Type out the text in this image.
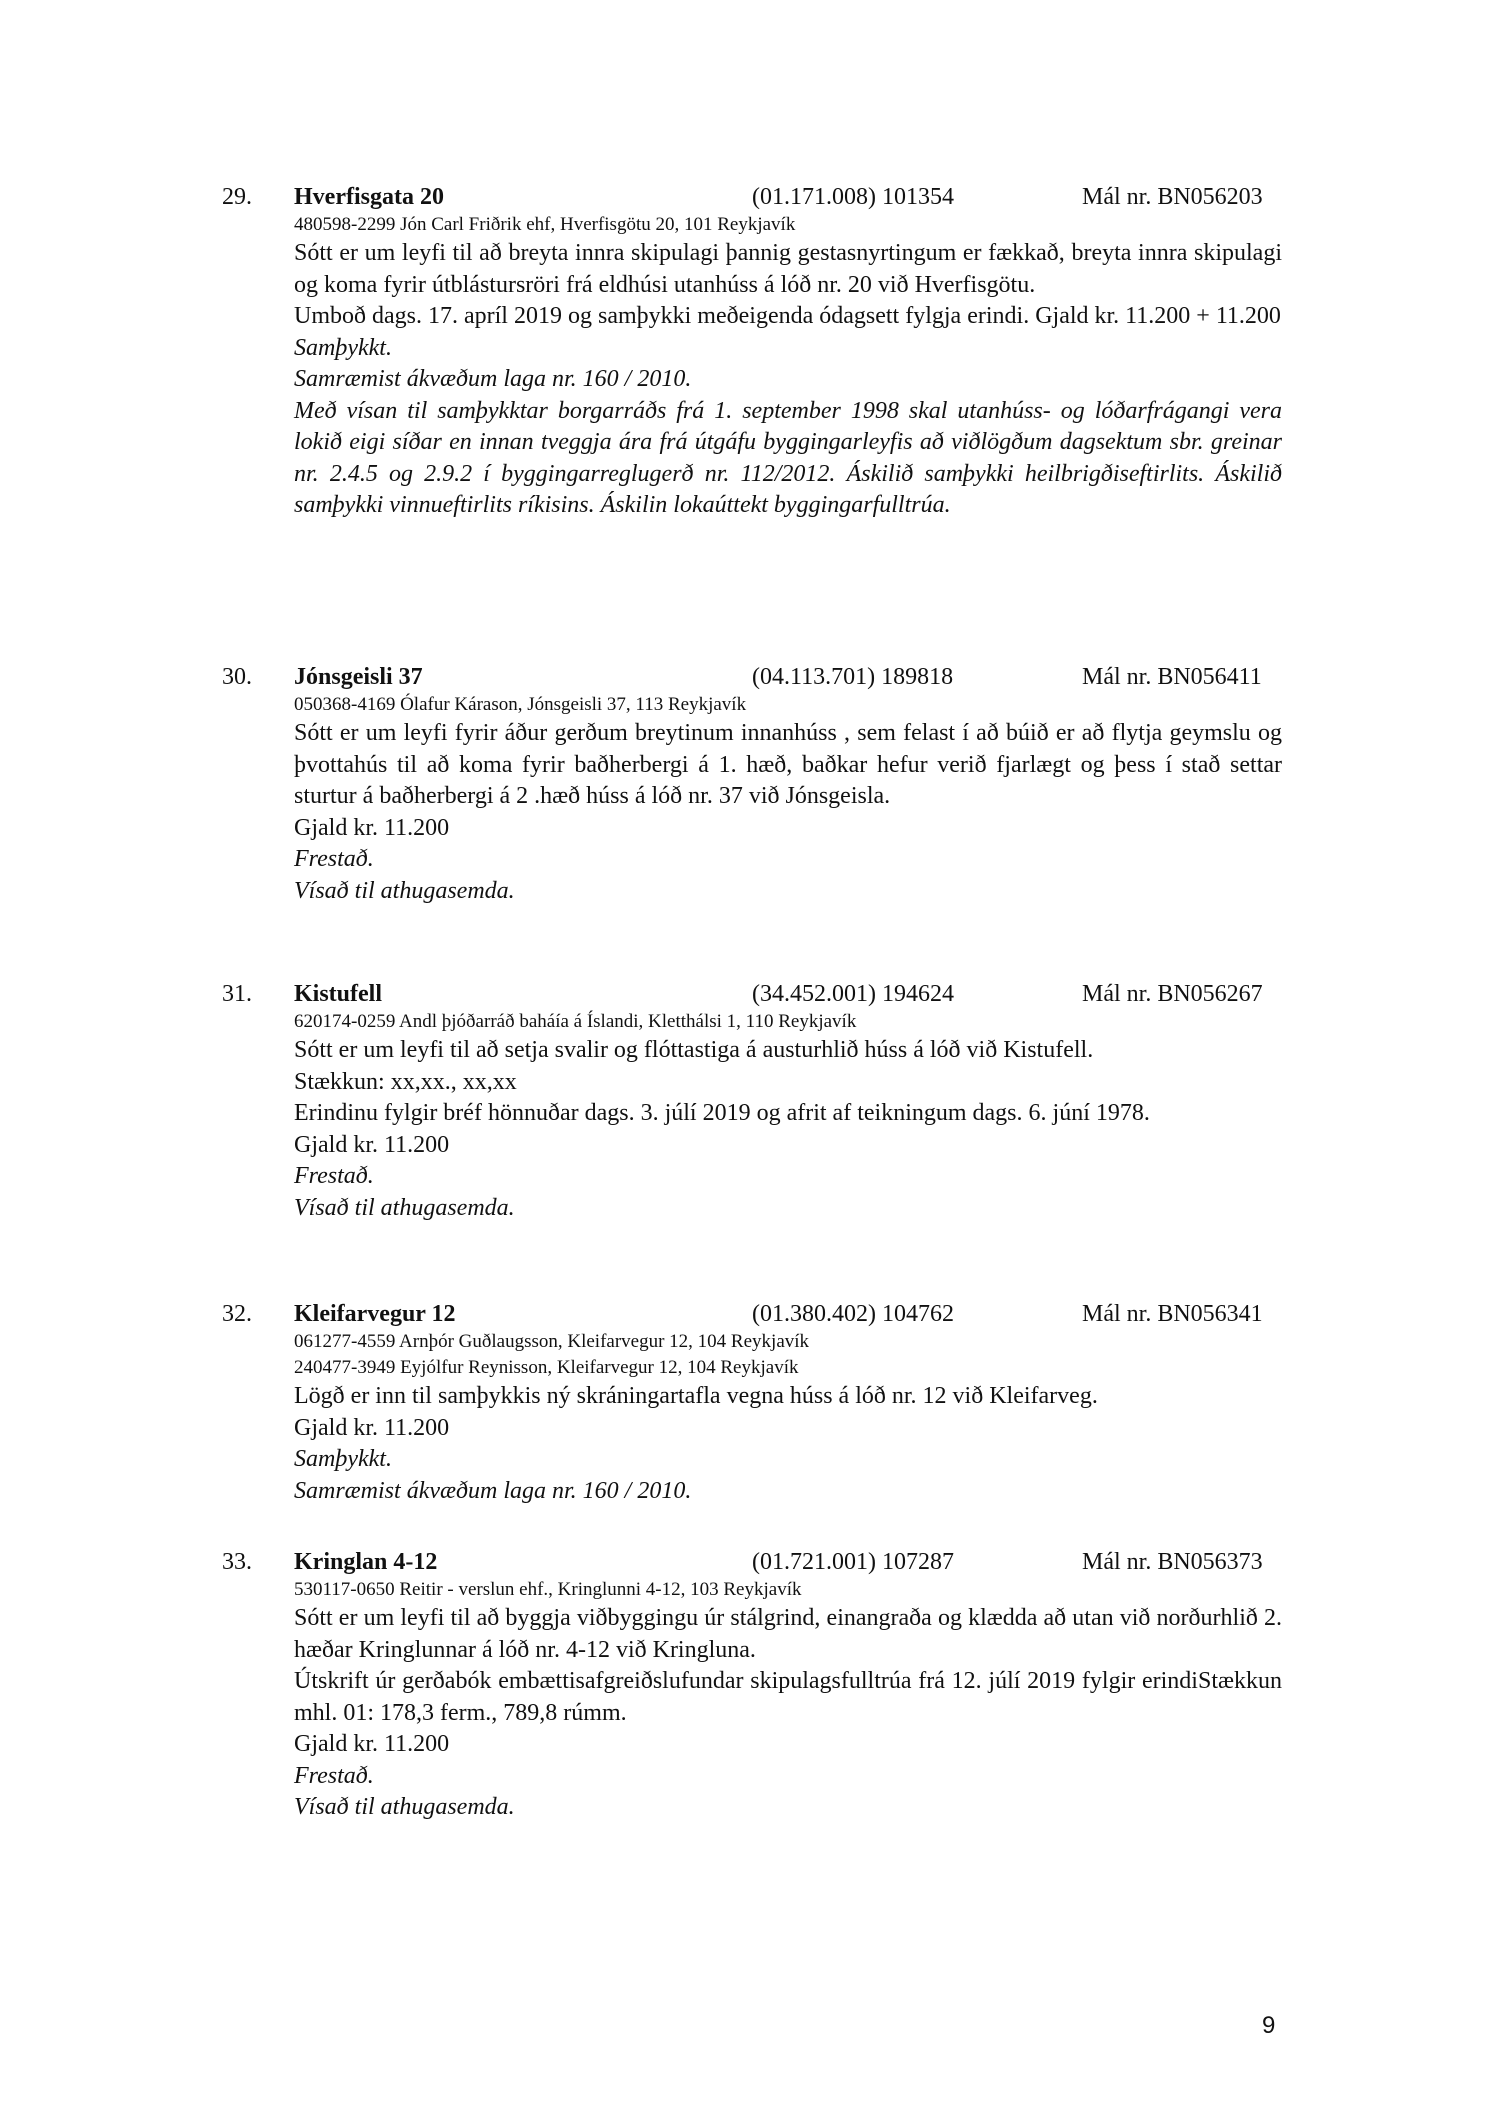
29. Hverfisgata 20	(01.171.008) 101354	Mál nr. BN056203
480598-2299 Jón Carl Friðrik ehf, Hverfisgötu 20, 101 Reykjavík

Sótt er um leyfi til að breyta innra skipulagi þannig gestasnyrtingum er fækkað, breyta innra skipulagi og koma fyrir útblástursröri frá eldhúsi utanhúss á lóð nr. 20 við Hverfisgötu.

Umboð dags. 17. apríl 2019 og samþykki meðeigenda ódagsett fylgja erindi. Gjald kr. 11.200 + 11.200

Samþykkt.

Samræmist ákvæðum laga nr. 160 / 2010.

Með vísan til samþykktar borgarráðs frá 1. september 1998 skal utanhúss- og lóðarfrágangi vera lokið eigi síðar en innan tveggja ára frá útgáfu byggingarleyfis að viðlögðum dagsektum sbr. greinar nr. 2.4.5 og 2.9.2 í byggingarreglugerð nr. 112/2012. Áskilið samþykki heilbrigðiseftirlits. Áskilið samþykki vinnueftirlits ríkisins. Áskilin lokaúttekt byggingarfulltrúa.

30. Jónsgeisli 37	(04.113.701) 189818	Mál nr. BN056411
050368-4169 Ólafur Kárason, Jónsgeisli 37, 113 Reykjavík

Sótt er um leyfi fyrir áður gerðum breytinum innanhúss , sem felast í að búið er að flytja geymslu og þvottahús til að koma fyrir baðherbergi á 1. hæð, baðkar hefur verið fjarlægt og þess í stað settar sturtur á baðherbergi á 2 .hæð húss á lóð nr. 37 við Jónsgeisla.

Gjald kr. 11.200

Frestað.

Vísað til athugasemda.

31. Kistufell	(34.452.001) 194624	Mál nr. BN056267
620174-0259 Andl þjóðarráð baháía á Íslandi, Kletthálsi 1, 110 Reykjavík

Sótt er um leyfi til að setja svalir og flóttastiga á austurhlið húss á lóð við Kistufell.

Stækkun: xx,xx., xx,xx

Erindinu fylgir bréf hönnuðar dags. 3. júlí 2019 og afrit af teikningum dags. 6. júní 1978.

Gjald kr. 11.200

Frestað.

Vísað til athugasemda.

32. Kleifarvegur 12	(01.380.402) 104762	Mál nr. BN056341
061277-4559 Arnþór Guðlaugsson, Kleifarvegur 12, 104 Reykjavík
240477-3949 Eyjólfur Reynisson, Kleifarvegur 12, 104 Reykjavík

Lögð er inn til samþykkis ný skráningartafla vegna húss á lóð nr. 12 við Kleifarveg.

Gjald kr. 11.200

Samþykkt.

Samræmist ákvæðum laga nr. 160 / 2010.

33. Kringlan 4-12	(01.721.001) 107287	Mál nr. BN056373
530117-0650 Reitir - verslun ehf., Kringlunni 4-12, 103 Reykjavík

Sótt er um leyfi til að byggja viðbyggingu úr stálgrind, einangraða og klædda að utan við norðurhlið 2. hæðar Kringlunnar á lóð nr. 4-12 við Kringluna.

Útskrift úr gerðabók embættisafgreiðslufundar skipulagsfulltrúa frá 12. júlí 2019 fylgir erindiStækkun mhl. 01: 178,3 ferm., 789,8 rúmm.

Gjald kr. 11.200

Frestað.

Vísað til athugasemda.

9
